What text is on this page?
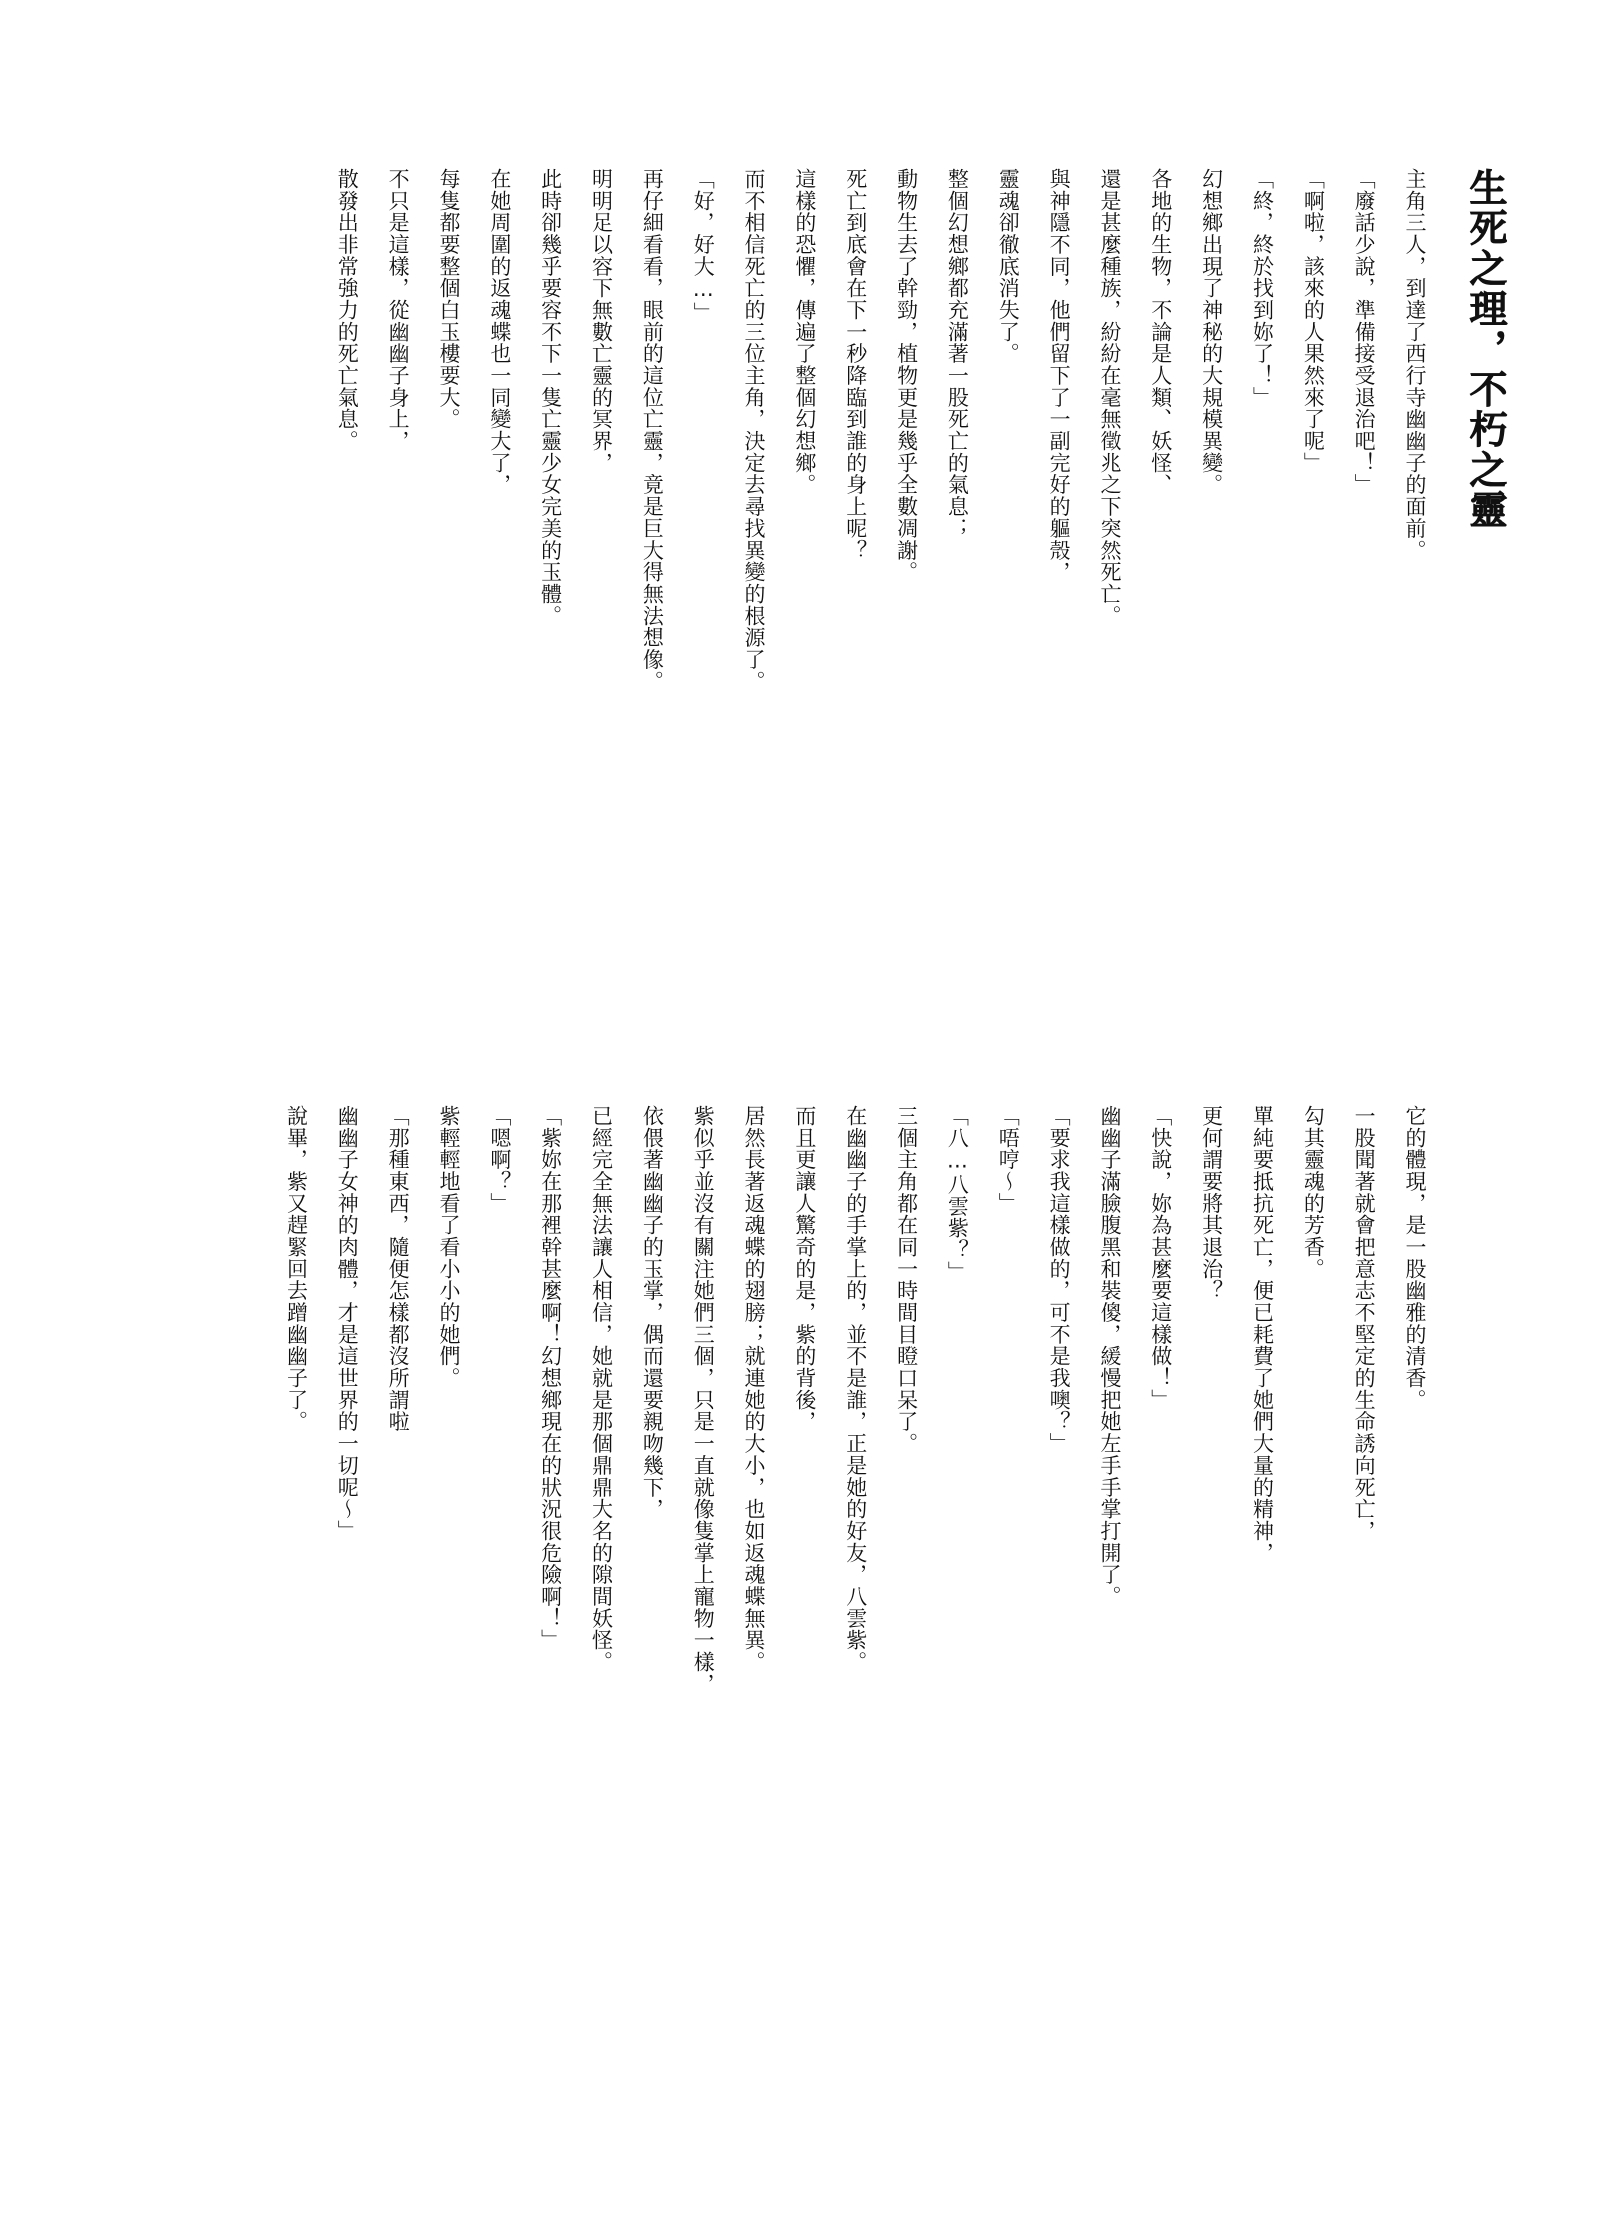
生死之理，不朽之靈

主角三人，到達了西行寺幽幽子的面前。

「廢話少說，準備接受退治吧！」

「啊啦，該來的人果然來了呢」

「終，終於找到妳了！」

幻想鄉出現了神秘的大規模異變。

各地的生物，不論是人類、妖怪、

還是甚麼種族，紛紛在毫無徵兆之下突然死亡。

與神隱不同，他們留下了一副完好的軀殼，

靈魂卻徹底消失了。

整個幻想鄉都充滿著一股死亡的氣息；

動物生去了幹勁，植物更是幾乎全數凋謝。

死亡到底會在下一秒降臨到誰的身上呢？

這樣的恐懼，傳遍了整個幻想鄉。

而不相信死亡的三位主角，決定去尋找異變的根源了。

「好，好大…」

再仔細看看，眼前的這位亡靈，竟是巨大得無法想像。

明明足以容下無數亡靈的冥界，

此時卻幾乎要容不下一隻亡靈少女完美的玉體。

在她周圍的返魂蝶也一同變大了，

每隻都要整個白玉樓要大。

不只是這樣，從幽幽子身上，

散發出非常強力的死亡氣息。

它的體現，是一股幽雅的清香。

一股聞著就會把意志不堅定的生命誘向死亡，

勾其靈魂的芳香。

單純要抵抗死亡，便已耗費了她們大量的精神，

更何謂要將其退治？

「快說，妳為甚麼要這樣做！」

幽幽子滿臉腹黑和裝傻，緩慢把她左手手掌打開了。

「要求我這樣做的，可不是我噢？」

「唔哼～」

「八…八雲紫？」

三個主角都在同一時間目瞪口呆了。

在幽幽子的手掌上的，並不是誰，正是她的好友，八雲紫。

而且更讓人驚奇的是，紫的背後，

居然長著返魂蝶的翅膀；就連她的大小，也如返魂蝶無異。

紫似乎並沒有關注她們三個，只是一直就像隻掌上寵物一樣，

依偎著幽幽子的玉掌，偶而還要親吻幾下，

已經完全無法讓人相信，她就是那個鼎鼎大名的隙間妖怪。

「紫妳在那裡幹甚麼啊！幻想鄉現在的狀況很危險啊！」

「嗯啊？」

紫輕輕地看了看小小的她們。

「那種東西，隨便怎樣都沒所謂啦

幽幽子女神的肉體，才是這世界的一切呢～」

說畢，紫又趕緊回去蹭幽幽子了。
